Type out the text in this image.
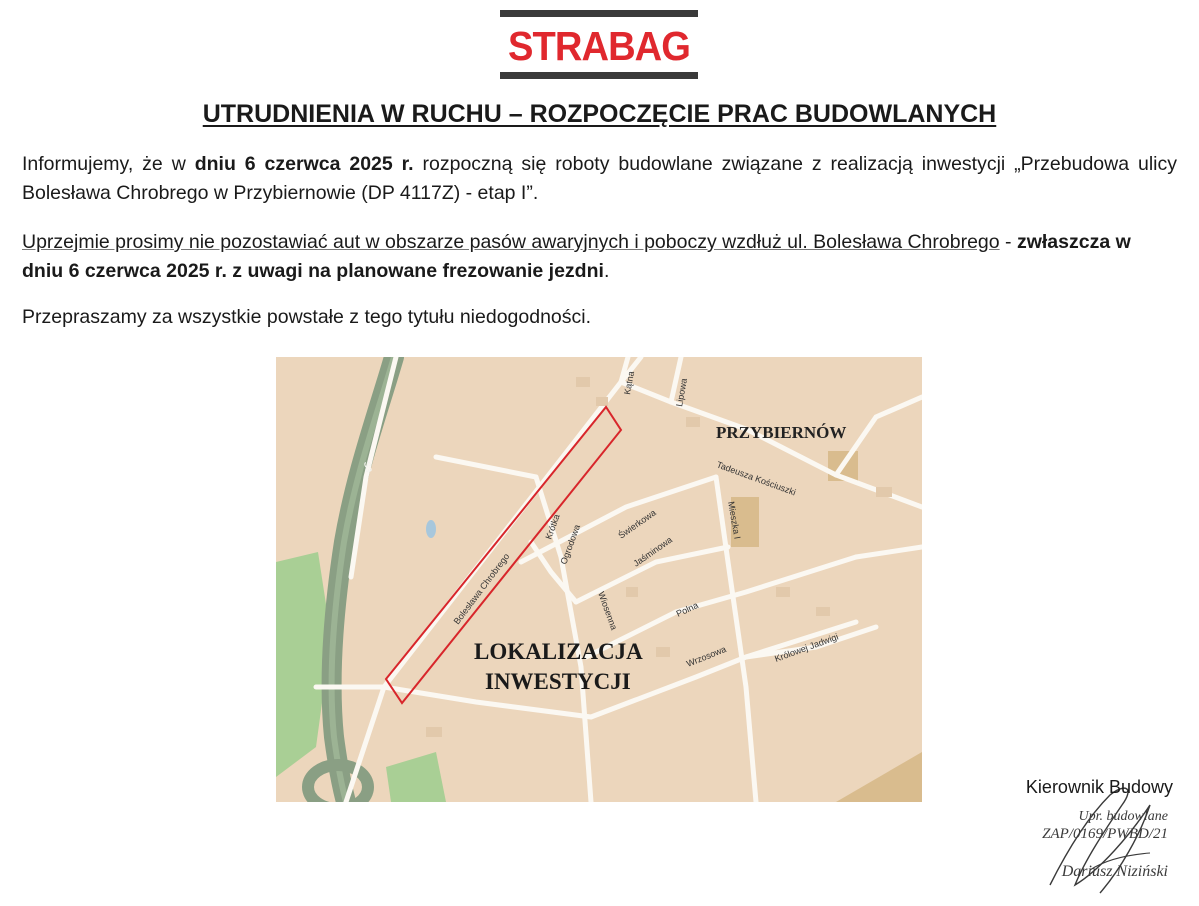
STRABAG
UTRUDNIENIA W RUCHU – ROZPOCZĘCIE PRAC BUDOWLANYCH
Informujemy, że w dniu 6 czerwca 2025 r. rozpoczną się roboty budowlane związane z realizacją inwestycji „Przebudowa ulicy Bolesława Chrobrego w Przybiernowie (DP 4117Z) - etap I”.
Uprzejmie prosimy nie pozostawiać aut w obszarze pasów awaryjnych i poboczy wzdłuż ul. Bolesława Chrobrego - zwłaszcza w dniu 6 czerwca 2025 r. z uwagi na planowane frezowanie jezdni.
Przepraszamy za wszystkie powstałe z tego tytułu niedogodności.
Bolesława Chrobrego
Kątna	Lipowa
Tadeusza Kościuszki
Krótka
Ogrodowa	Świerkowa
Jaśminowa
Mieszka I
Wiosenna	Polna
Wrzosowa	Królowej Jadwigi
S3
PRZYBIERNÓW
LOKALIZACJA
INWESTYCJI
Kierownik Budowy
Upr. budowlane
ZAP/0169/PWBD/21
Dariusz Niziński
